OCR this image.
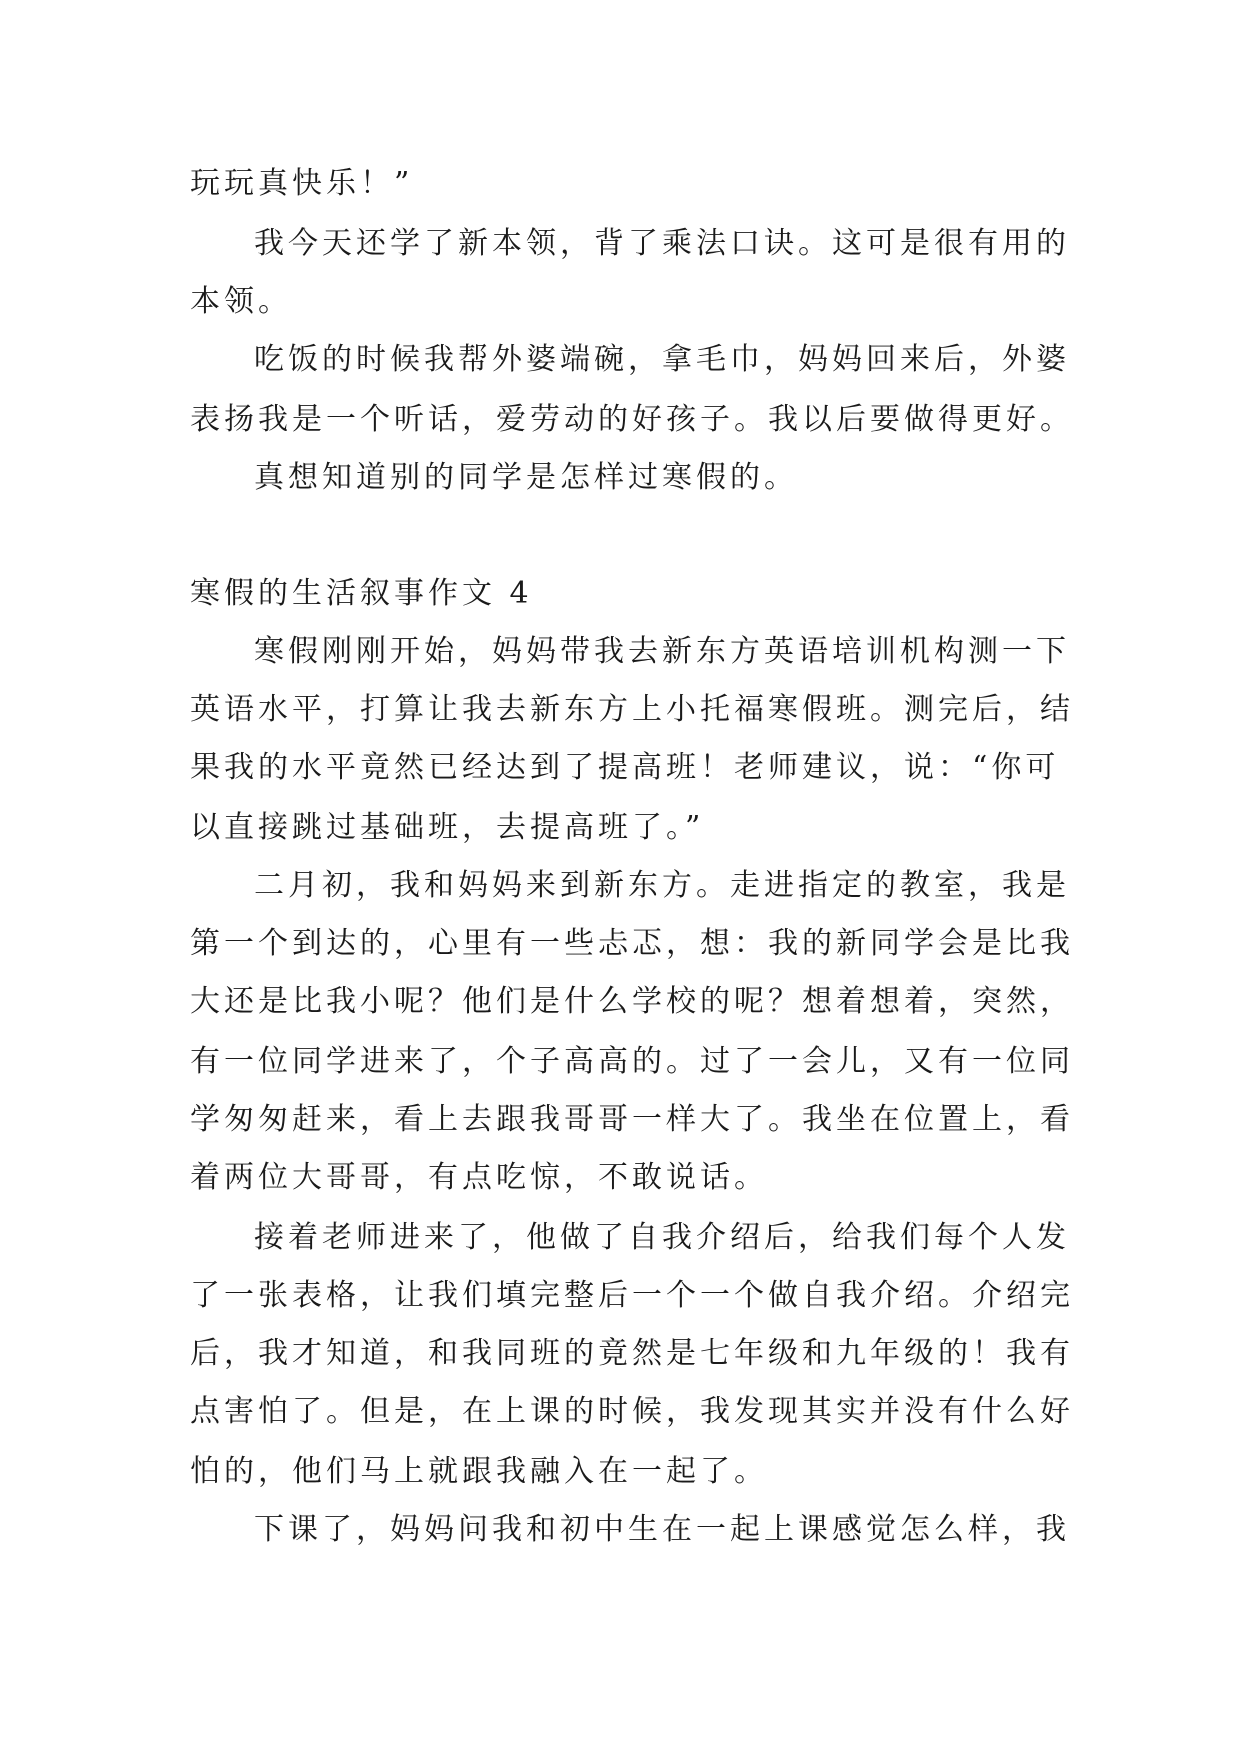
玩玩真快乐！”
我今天还学了新本领，背了乘法口诀。这可是很有用的
本领。
吃饭的时候我帮外婆端碗，拿毛巾，妈妈回来后，外婆
表扬我是一个听话，爱劳动的好孩子。我以后要做得更好。
真想知道别的同学是怎样过寒假的。
寒假的生活叙事作文 4
寒假刚刚开始，妈妈带我去新东方英语培训机构测一下
英语水平，打算让我去新东方上小托福寒假班。测完后，结
果我的水平竟然已经达到了提高班！老师建议，说：“你可
以直接跳过基础班，去提高班了。”
二月初，我和妈妈来到新东方。走进指定的教室，我是
第一个到达的，心里有一些忐忑，想：我的新同学会是比我
大还是比我小呢？他们是什么学校的呢？想着想着，突然，
有一位同学进来了，个子高高的。过了一会儿，又有一位同
学匆匆赶来，看上去跟我哥哥一样大了。我坐在位置上，看
着两位大哥哥，有点吃惊，不敢说话。
接着老师进来了，他做了自我介绍后，给我们每个人发
了一张表格，让我们填完整后一个一个做自我介绍。介绍完
后，我才知道，和我同班的竟然是七年级和九年级的！我有
点害怕了。但是，在上课的时候，我发现其实并没有什么好
怕的，他们马上就跟我融入在一起了。
下课了，妈妈问我和初中生在一起上课感觉怎么样，我
